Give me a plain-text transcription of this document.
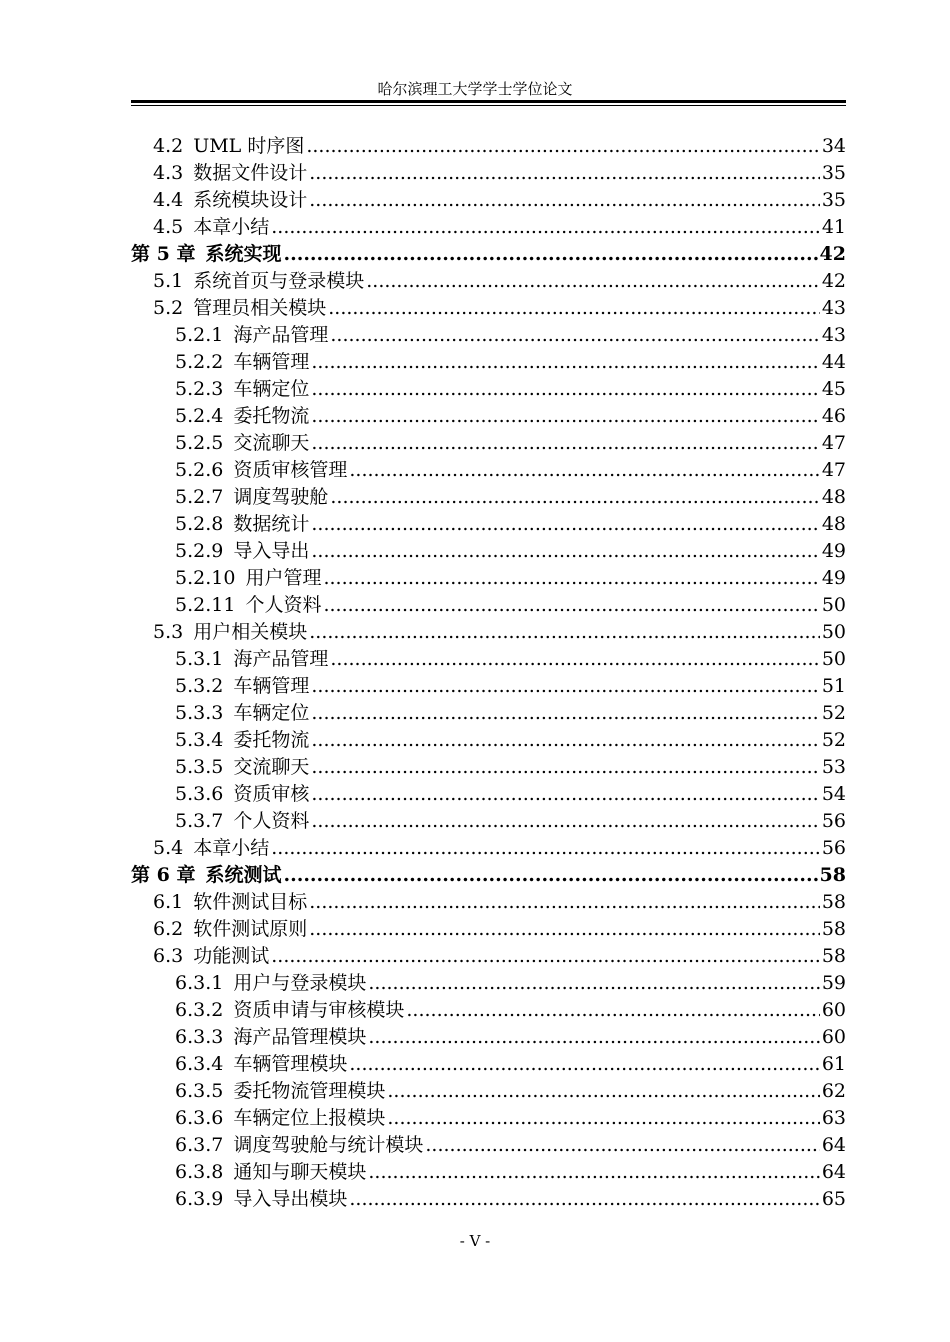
哈尔滨理工大学学士学位论文
4.2 UML 时序图 .....	34
4.3 数据文件设计 .....	35
4.4 系统模块设计 .....	35
4.5 本章小结 .....	41
第 5 章 系统实现 .....	42
5.1 系统首页与登录模块 .....	42
5.2 管理员相关模块 .....	43
5.2.1 海产品管理 .....	43
5.2.2 车辆管理 .....	44
5.2.3 车辆定位 .....	45
5.2.4 委托物流 .....	46
5.2.5 交流聊天 .....	47
5.2.6 资质审核管理 .....	47
5.2.7 调度驾驶舱 .....	48
5.2.8 数据统计 .....	48
5.2.9 导入导出 .....	49
5.2.10 用户管理 .....	49
5.2.11 个人资料 .....	50
5.3 用户相关模块 .....	50
5.3.1 海产品管理 .....	50
5.3.2 车辆管理 .....	51
5.3.3 车辆定位 .....	52
5.3.4 委托物流 .....	52
5.3.5 交流聊天 .....	53
5.3.6 资质审核 .....	54
5.3.7 个人资料 .....	56
5.4 本章小结 .....	56
第 6 章 系统测试 .....	58
6.1 软件测试目标 .....	58
6.2 软件测试原则 .....	58
6.3 功能测试 .....	58
6.3.1 用户与登录模块 .....	59
6.3.2 资质申请与审核模块 .....	60
6.3.3 海产品管理模块 .....	60
6.3.4 车辆管理模块 .....	61
6.3.5 委托物流管理模块 .....	62
6.3.6 车辆定位上报模块 .....	63
6.3.7 调度驾驶舱与统计模块 .....	64
6.3.8 通知与聊天模块 .....	64
6.3.9 导入导出模块 .....	65
- V -
